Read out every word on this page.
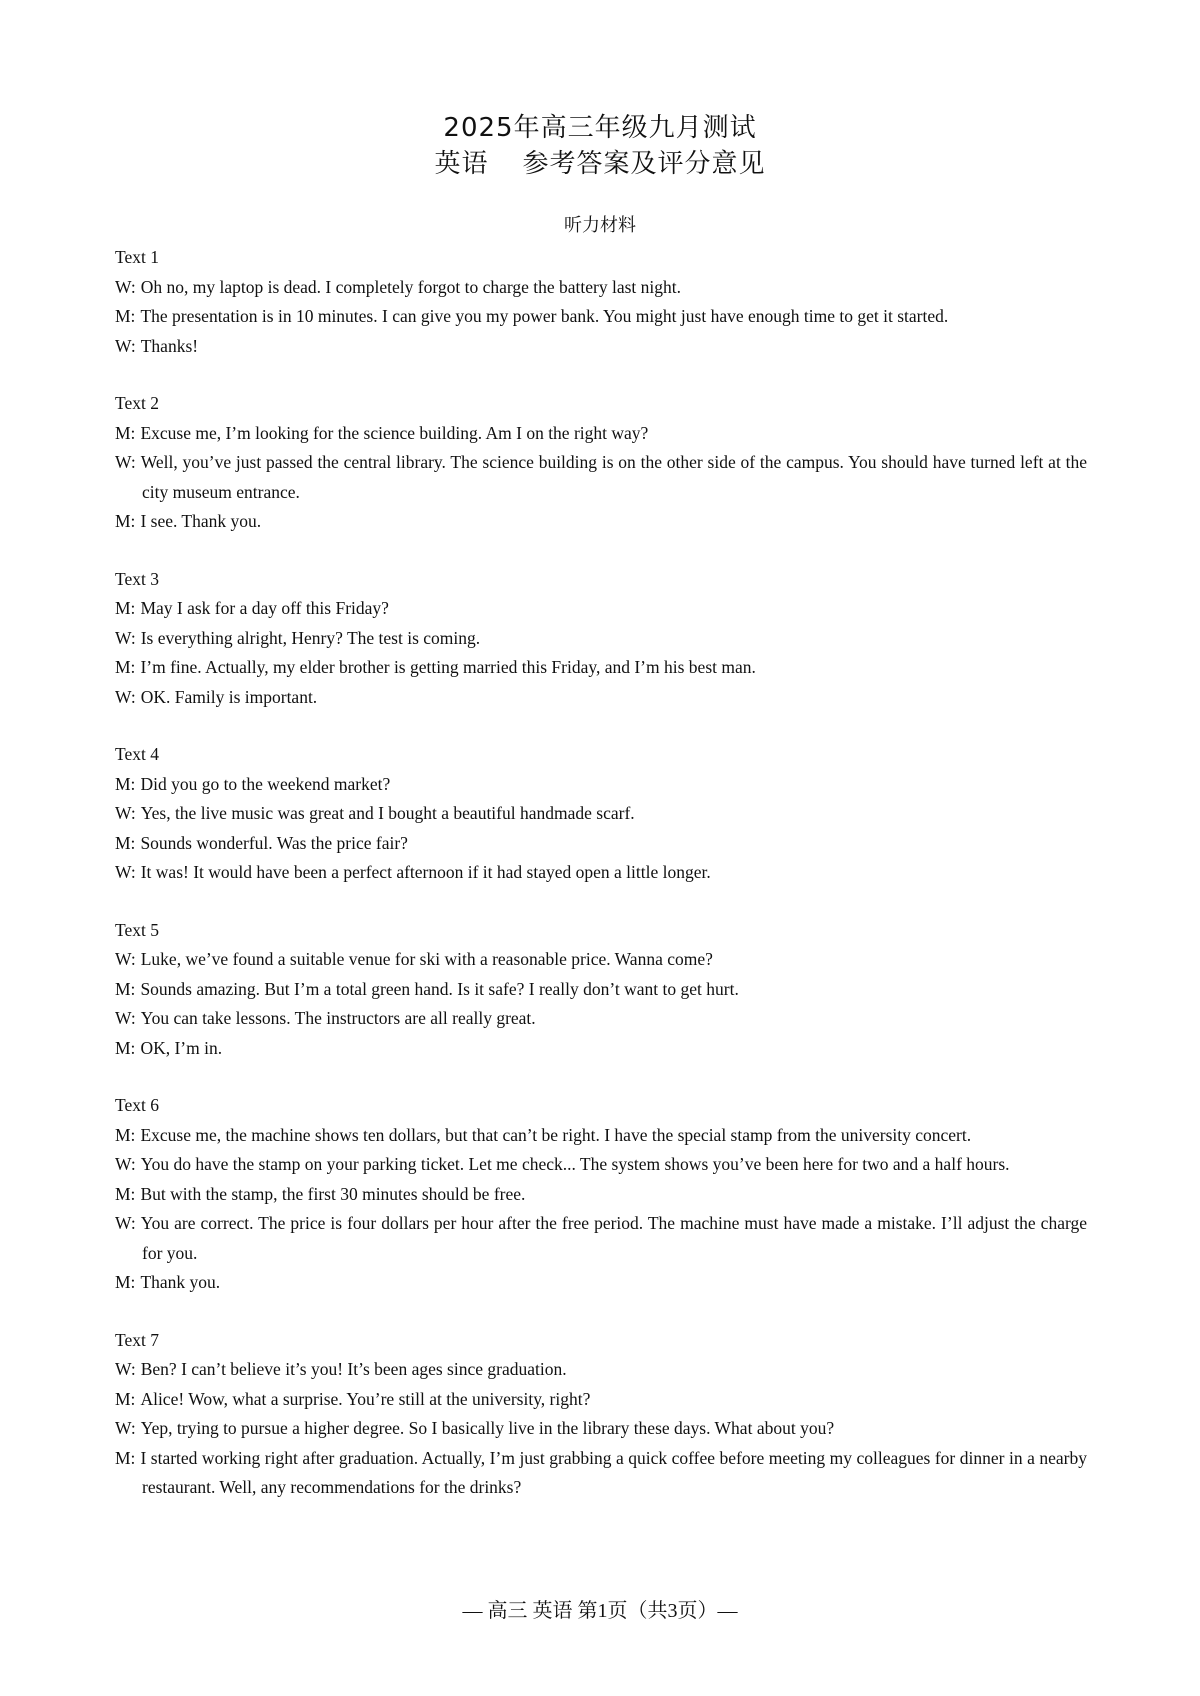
2025年高三年级九月测试
英语 参考答案及评分意见
听力材料
Text 1
W: Oh no, my laptop is dead. I completely forgot to charge the battery last night.
M: The presentation is in 10 minutes. I can give you my power bank. You might just have enough time to get it started.
W: Thanks!
Text 2
M: Excuse me, I’m looking for the science building. Am I on the right way?
W: Well, you’ve just passed the central library. The science building is on the other side of the campus. You should have turned left at the city museum entrance.
M: I see. Thank you.
Text 3
M: May I ask for a day off this Friday?
W: Is everything alright, Henry? The test is coming.
M: I’m fine. Actually, my elder brother is getting married this Friday, and I’m his best man.
W: OK. Family is important.
Text 4
M: Did you go to the weekend market?
W: Yes, the live music was great and I bought a beautiful handmade scarf.
M: Sounds wonderful. Was the price fair?
W: It was! It would have been a perfect afternoon if it had stayed open a little longer.
Text 5
W: Luke, we’ve found a suitable venue for ski with a reasonable price. Wanna come?
M: Sounds amazing. But I’m a total green hand. Is it safe? I really don’t want to get hurt.
W: You can take lessons. The instructors are all really great.
M: OK, I’m in.
Text 6
M: Excuse me, the machine shows ten dollars, but that can’t be right. I have the special stamp from the university concert.
W: You do have the stamp on your parking ticket. Let me check... The system shows you’ve been here for two and a half hours.
M: But with the stamp, the first 30 minutes should be free.
W: You are correct. The price is four dollars per hour after the free period. The machine must have made a mistake. I’ll adjust the charge for you.
M: Thank you.
Text 7
W: Ben? I can’t believe it’s you! It’s been ages since graduation.
M: Alice! Wow, what a surprise. You’re still at the university, right?
W: Yep, trying to pursue a higher degree. So I basically live in the library these days. What about you?
M: I started working right after graduation. Actually, I’m just grabbing a quick coffee before meeting my colleagues for dinner in a nearby restaurant. Well, any recommendations for the drinks?
— 高三 英语 第1页（共3页）—
